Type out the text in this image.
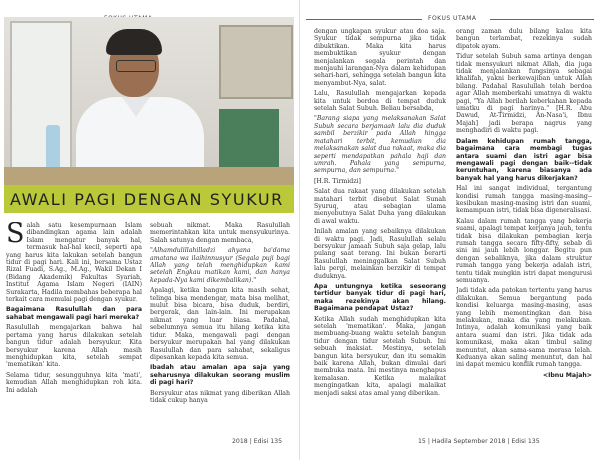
AWALI PAGI DENGAN SYUKUR

Salah satu kesempurnaan Islam dibandingkan agama lain adalah Islam mengatur banyak hal, termasuk hal-hal kecil, seperti apa yang harus kita lakukan setelah bangun tidur di pagi hari. Kali ini, bersama Ustaz Rizal Fuadi, S.Ag., M.Ag., Wakil Dekan I (Bidang Akademik) Fakultas Syariah, Institut Agama Islam Negeri (IAIN) Surakarta, Hadila membahas beberapa hal terkait cara memulai pagi dengan syukur.

Bagaimana Rasulullah dan para sahabat mengawali pagi hari mereka?

Rasulullah mengajarkan bahwa hal pertama yang harus dilakukan setelah bangun tidur adalah bersyukur. Kita bersyukur karena Allah masih menghidupkan kita, setelah sempat 'mematikan' kita.

Selama tidur, sesungguhnya kita 'mati', kemudian Allah menghidupkan roh kita. Ini adalah

sebuah nikmat. Maka Rasulullah memerintahkan kita untuk mensyukurinya. Salah satunya dengan membaca,

"Alhamdulillahilladzi ahyana ba'dama amatana wa ilaihinnusyur (Segala puji bagi Allah yang telah menghidupkan kami setelah Engkau matikan kami, dan hanya kepada-Nya kami dikembalikan)."

Apalagi, ketika bangun kita masih sehat, telinga bisa mendengar, mata bisa melihat, mulut bisa bicara, bisa duduk, berdiri, bergerak, dan lain-lain. Ini merupakan nikmat yang luar biasa. Padahal, sebelumnya semua itu hilang ketika kita tidur. Maka, mengawali pagi dengan bersyukur merupakan hal yang dilakukan Rasulullah dan para sahabat, sekaligus dipesankan kepada kita semua.

Ibadah atau amalan apa saja yang seharusnya dilakukan seorang muslim di pagi hari?

Bersyukur atas nikmat yang diberikan Allah tidak cukup hanya

2018 | Edisi 135
FOKUS UTAMA

dengan ungkapan syukur atau doa saja. Syukur tidak sempurna jika tidak dibuktikan. Maka kita harus membuktikan syukur dengan menjalankan segala perintah dan menjauhi larangan-Nya dalam kehidupan sehari-hari, sehingga setelah bangun kita menyambut-Nya, salat.

Lalu, Rasulullah mengajarkan kepada kita untuk berdoa di tempat duduk setelah Salat Subuh. Beliau bersabda,

"Barang siapa yang melaksanakan Salat Subuh secara berjamaah lalu dia duduk sambil berzikir pada Allah hingga matahari terbit, kemudian dia melaksanakan salat dua rakaat, maka dia seperti mendapatkan pahala haji dan umrah. Pahala yang sempurna, sempurna, dan sempurna."

[H.R. Tirmidzi]

Salat dua rakaat yang dilakukan setelah matahari terbit disebut Salat Sunah Syuruq, atau sebagian ulama menyebutnya Salat Duha yang dilakukan di awal waktu.

Inilah amalan yang sebaiknya dilakukan di waktu pagi. Jadi, Rasulullah selalu bersyukur jamaah Subuh saja gelap, lalu pulang saat terang. Ini bukan berarti Rasulullah meninggalkan Salat Subuh lalu pergi, melainkan berzikir di tempat duduknya.

Apa untungnya ketika seseorang tertidur banyak tidur di pagi hari, maka rezekinya akan hilang. Bagaimana pendapat Ustaz?

Ketika Allah sudah menghidupkan kita setelah 'mematikan'. Maka, jangan membuang-buang waktu setelah bangun tidur dengan tidur setelah Subuh. Ini sebuah maksiat. Mestinya, setelah bangun kita bersyukur, dan itu semakin baik karena Allah, bukan dimulai dari membuka mata. Ini mestinya menghapus kemalasan. Ketika malaikat mengingatkan kita, apalagi malaikat menjadi saksi atas amal yang diberikan.

orang zaman dulu bilang kalau kita bangun terlambat, rezekinya sudah dipatok ayam.

Tidur setelah Subuh sama artinya dengan tidak mensyukuri nikmat Allah, dia juga tidak menjalankan fungsinya sebagai khalifah, yakni berkewajiban untuk Allah bilang. Padahal Rasulullah telah berdoa agar Allah memberkahi umatnya di waktu pagi, "Ya Allah berilah keberkahan kepada umatku di pagi harinya." [H.R. Abu Dawud, At-Tirmidzi, An-Nasa'i, Ibnu Majah] jadi berapa nagrus yang menghadiri di waktu pagi.

Dalam kehidupan rumah tangga, bagaimana cara membagi tugas antara suami dan istri agar bisa mengawali pagi dengan baik--tidak keruntuhan, karena biasanya ada banyak hal yang harus dikerjakan?

Hal ini sangat individual, tergantung kondisi rumah tangga masing-masing--kesibukan masing-masing istri dan suami, kemampuan istri, tidak bisa digeneralisasi.

Kalau dalam rumah tangga yang bekerja suami, apalagi tempat kerjanya jauh, tentu tidak bisa dilakukan pembagian kerja rumah tangga secara fifty-fifty, sebab di sini ini jauh lebih longgar. Begitu pun dengan sebaliknya, jika dalam struktur rumah tangga yang bekerja adalah istri, tentu tidak mungkin istri dapat mengurusi semuanya.

Jadi tidak ada patokan tertentu yang harus dilakukan. Semua bergantung pada kondisi keluarga masing-masing, asas yang lebih mementingkan dan bisa melakukan, maka dia yang melakukan. Intinya, adalah komunikasi yang baik antara suami dan istri. Jika tidak ada komunikasi, maka akan timbul saling menuntut, akan sama-sama merasa lelah. Keduanya akan saling menuntut, dan hal ini dapat memicu konflik rumah tangga.

<Ibnu Majah>

15 | Hadila September 2018 | Edisi 135
